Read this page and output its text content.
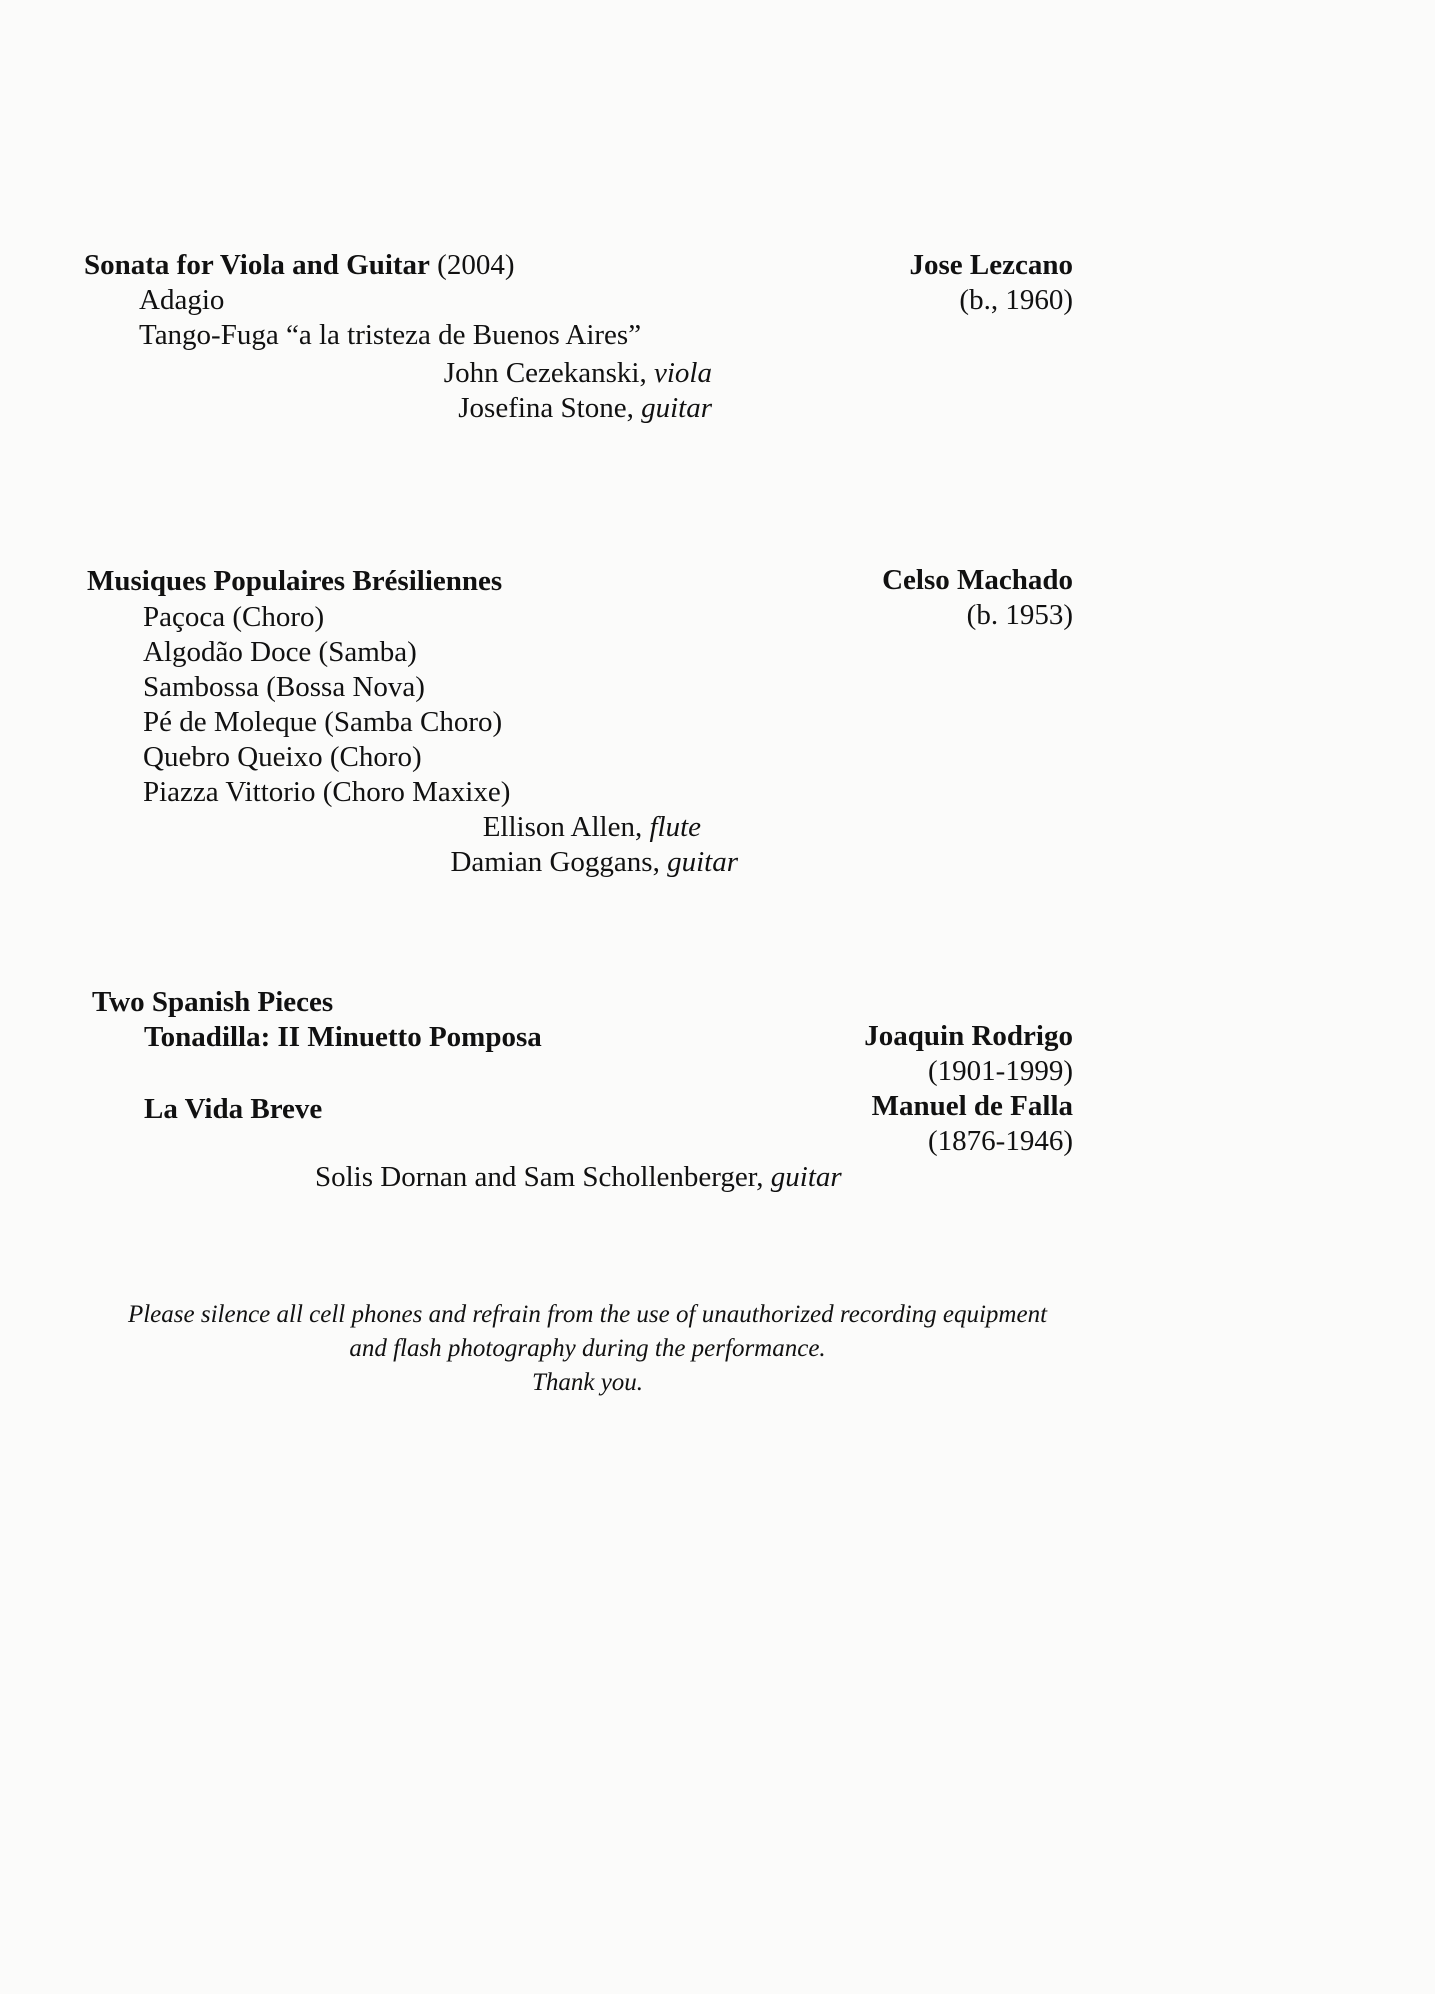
Sonata for Viola and Guitar (2004)	Jose Lezcano
(b., 1960)
Adagio
Tango-Fuga “a la tristeza de Buenos Aires”
John Cezekanski, viola
Josefina Stone, guitar
Musiques Populaires Brésiliennes	Celso Machado
(b. 1953)
Paçoca (Choro)
Algodão Doce (Samba)
Sambossa (Bossa Nova)
Pé de Moleque (Samba Choro)
Quebro Queixo (Choro)
Piazza Vittorio (Choro Maxixe)
Ellison Allen, flute
Damian Goggans, guitar
Two Spanish Pieces
Tonadilla: II Minuetto Pomposa	Joaquin Rodrigo
(1901-1999)
La Vida Breve	Manuel de Falla
(1876-1946)
Solis Dornan and Sam Schollenberger, guitar
Please silence all cell phones and refrain from the use of unauthorized recording equipment
and flash photography during the performance.
Thank you.
